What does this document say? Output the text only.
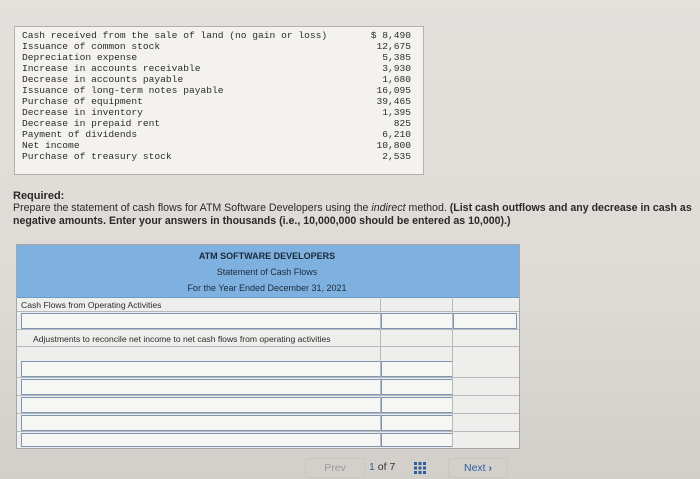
Cash received from the sale of land (no gain or loss)	$ 8,490
Issuance of common stock	12,675
Depreciation expense	5,385
Increase in accounts receivable	3,930
Decrease in accounts payable	1,680
Issuance of long-term notes payable	16,095
Purchase of equipment	39,465
Decrease in inventory	1,395
Decrease in prepaid rent	825
Payment of dividends	6,210
Net income	10,800
Purchase of treasury stock	2,535
Required:
Prepare the statement of cash flows for ATM Software Developers using the indirect method. (List cash outflows and any decrease in cash as negative amounts. Enter your answers in thousands (i.e., 10,000,000 should be entered as 10,000).)
ATM SOFTWARE DEVELOPERS
Statement of Cash Flows
For the Year Ended December 31, 2021
Cash Flows from Operating Activities
Adjustments to reconcile net income to net cash flows from operating activities
Prev	1 of 7	Next ›
